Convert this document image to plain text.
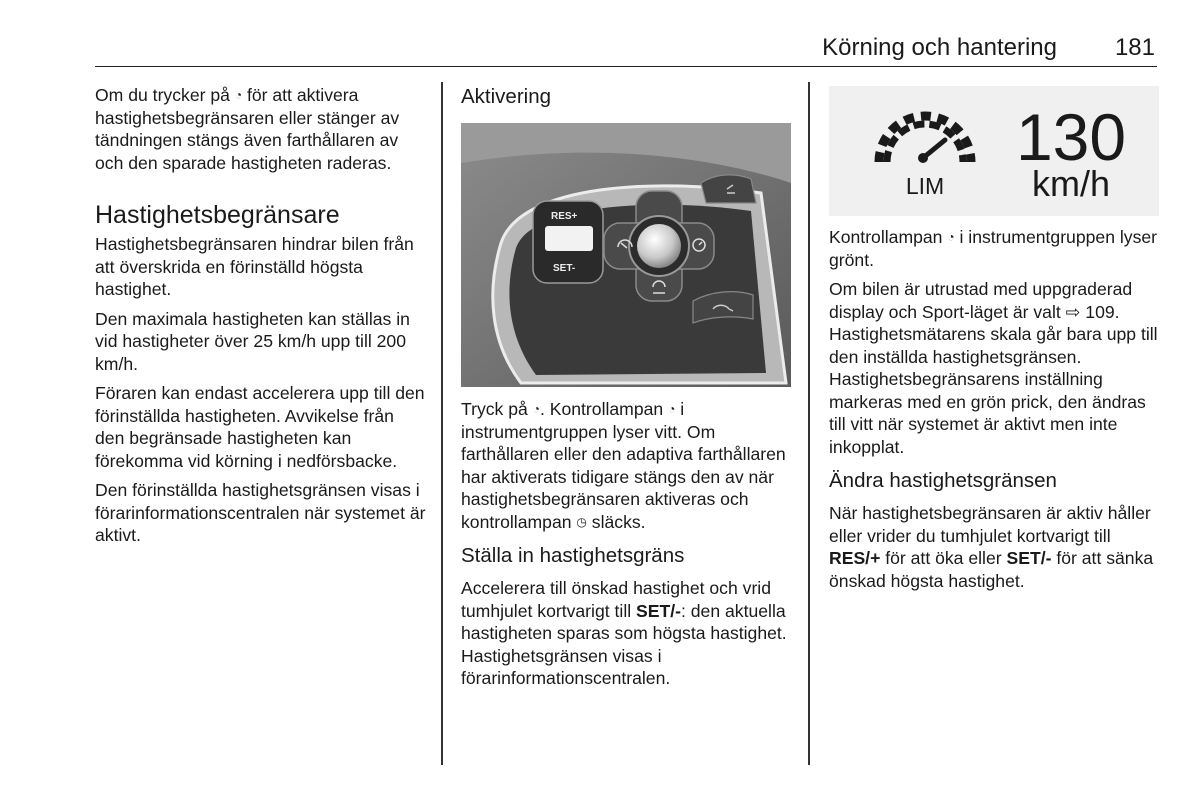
Körning och hantering 181

Om du trycker på ◔ för att aktivera hastighetsbegränsaren eller stänger av tändningen stängs även farthållaren av och den sparade hastigheten raderas.

Hastighetsbegränsare

Hastighetsbegränsaren hindrar bilen från att överskrida en förinställd högsta hastighet.

Den maximala hastigheten kan ställas in vid hastigheter över 25 km/h upp till 200 km/h.

Föraren kan endast accelerera upp till den förinställda hastigheten. Avvikelse från den begränsade hastigheten kan förekomma vid körning i nedförsbacke.

Den förinställda hastighetsgränsen visas i förarinformationscentralen när systemet är aktivt.

Aktivering
RES+
SET-

Tryck på ◔. Kontrollampan ◔ i instrumentgruppen lyser vitt. Om farthållaren eller den adaptiva farthållaren har aktiverats tidigare stängs den av när hastighetsbegränsaren aktiveras och kontrollampan ◷ släcks.

Ställa in hastighetsgräns

Accelerera till önskad hastighet och vrid tumhjulet kortvarigt till SET/-: den aktuella hastigheten sparas som högsta hastighet. Hastighetsgränsen visas i förarinformationscentralen.

LIM
130
km/h

Kontrollampan ◔ i instrumentgruppen lyser grönt.

Om bilen är utrustad med uppgraderad display och Sport-läget är valt ⇨ 109. Hastighetsmätarens skala går bara upp till den inställda hastighetsgränsen. Hastighetsbegränsarens inställning markeras med en grön prick, den ändras till vitt när systemet är aktivt men inte inkopplat.

Ändra hastighetsgränsen

När hastighetsbegränsaren är aktiv håller eller vrider du tumhjulet kortvarigt till RES/+ för att öka eller SET/- för att sänka önskad högsta hastighet.
